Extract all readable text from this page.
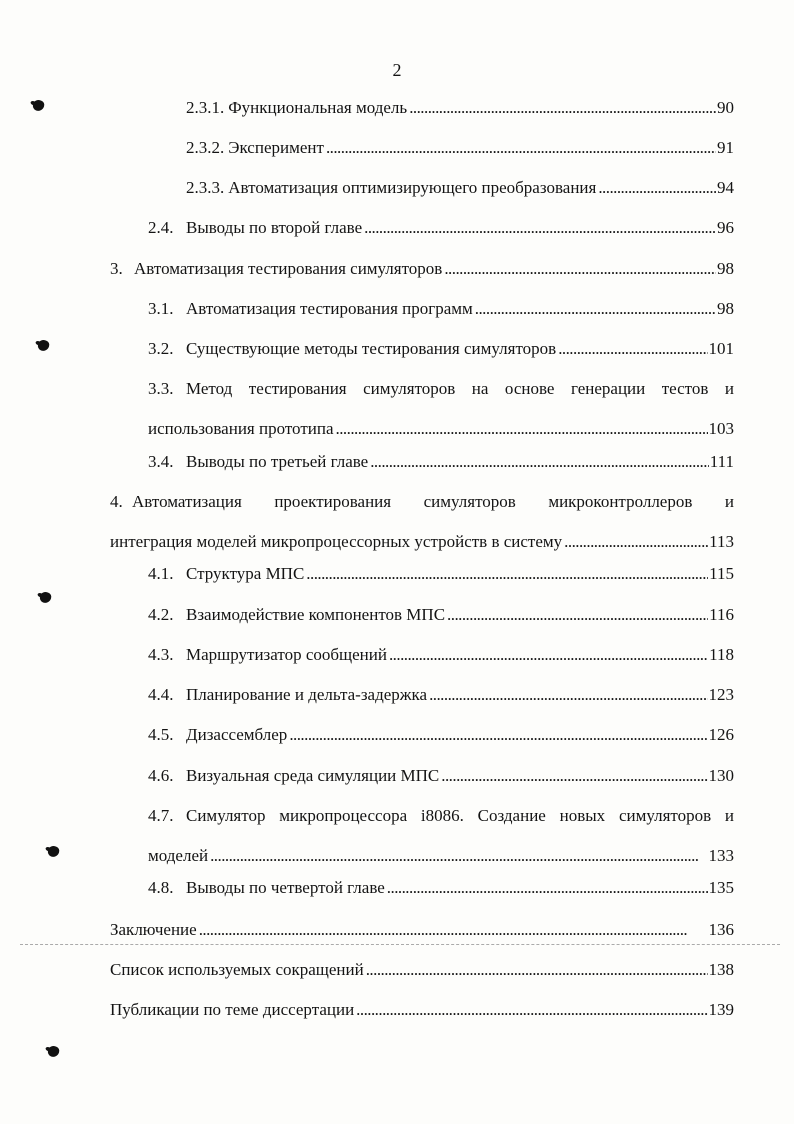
2
2.3.1. Функциональная модель . . .	90
2.3.2. Эксперимент . . .	91
2.3.3. Автоматизация оптимизирующего преобразования . . .	94
2.4. Выводы по второй главе . . .	96
3. Автоматизация тестирования симуляторов . . .	98
3.1. Автоматизация тестирования программ . . .	98
3.2. Существующие методы тестирования симуляторов . . .	101
3.3. Метод тестирования симуляторов на основе генерации тестов и
использования прототипа . . .	103
3.4. Выводы по третьей главе . . .	111
4. Автоматизация проектирования симуляторов микроконтроллеров и
интеграция моделей микропроцессорных устройств в систему . . .	113
4.1. Структура МПС . . .	115
4.2. Взаимодействие компонентов МПС . . .	116
4.3. Маршрутизатор сообщений . . .	118
4.4. Планирование и дельта-задержка . . .	123
4.5. Дизассемблер . . .	126
4.6. Визуальная среда симуляции МПС . . .	130
4.7. Симулятор микропроцессора i8086. Создание новых симуляторов и
моделей . . .	133
4.8. Выводы по четвертой главе . . .	135
Заключение . . .	136
Список используемых сокращений . . .	138
Публикации по теме диссертации . . .	139
